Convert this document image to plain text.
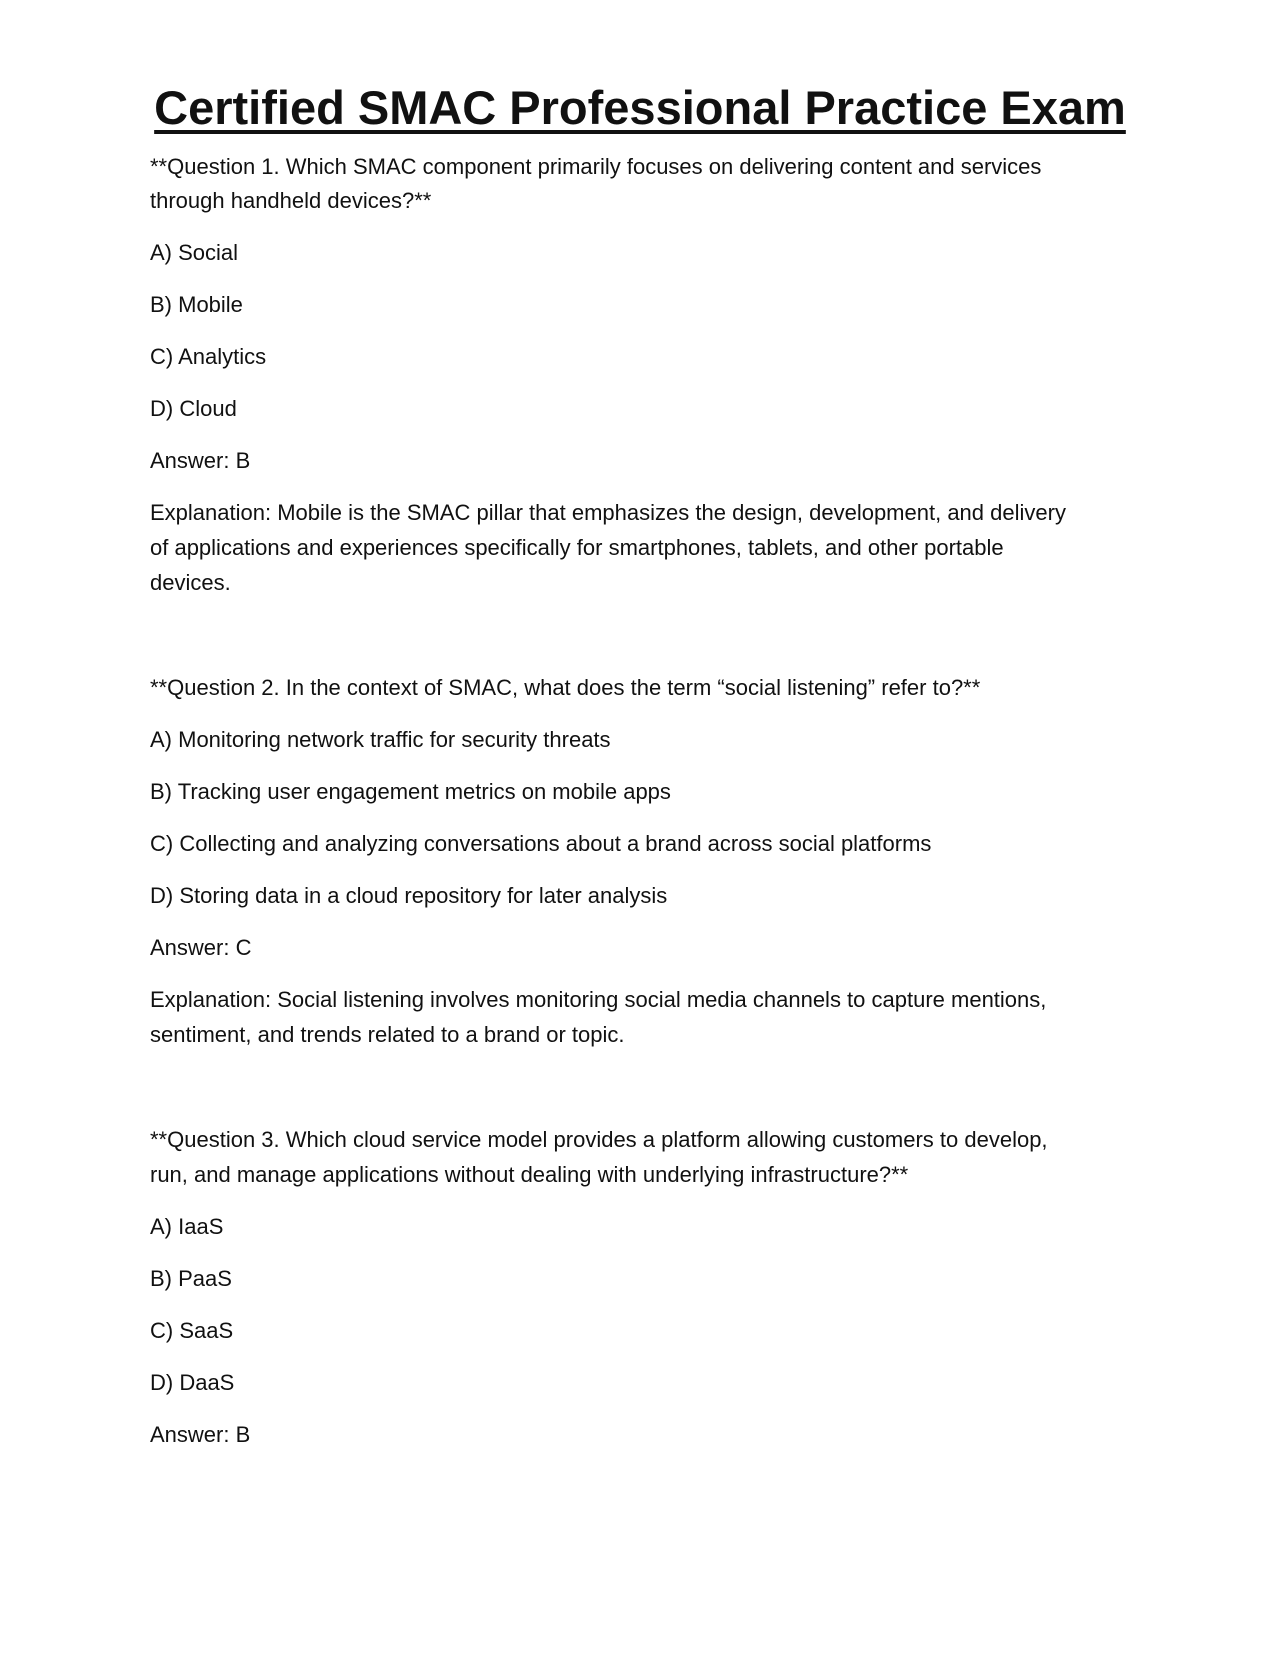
Certified SMAC Professional Practice Exam
**Question 1. Which SMAC component primarily focuses on delivering content and services
through handheld devices?**
A) Social
B) Mobile
C) Analytics
D) Cloud
Answer: B
Explanation: Mobile is the SMAC pillar that emphasizes the design, development, and delivery
of applications and experiences specifically for smartphones, tablets, and other portable
devices.
**Question 2. In the context of SMAC, what does the term “social listening” refer to?**
A) Monitoring network traffic for security threats
B) Tracking user engagement metrics on mobile apps
C) Collecting and analyzing conversations about a brand across social platforms
D) Storing data in a cloud repository for later analysis
Answer: C
Explanation: Social listening involves monitoring social media channels to capture mentions,
sentiment, and trends related to a brand or topic.
**Question 3. Which cloud service model provides a platform allowing customers to develop,
run, and manage applications without dealing with underlying infrastructure?**
A) IaaS
B) PaaS
C) SaaS
D) DaaS
Answer: B
